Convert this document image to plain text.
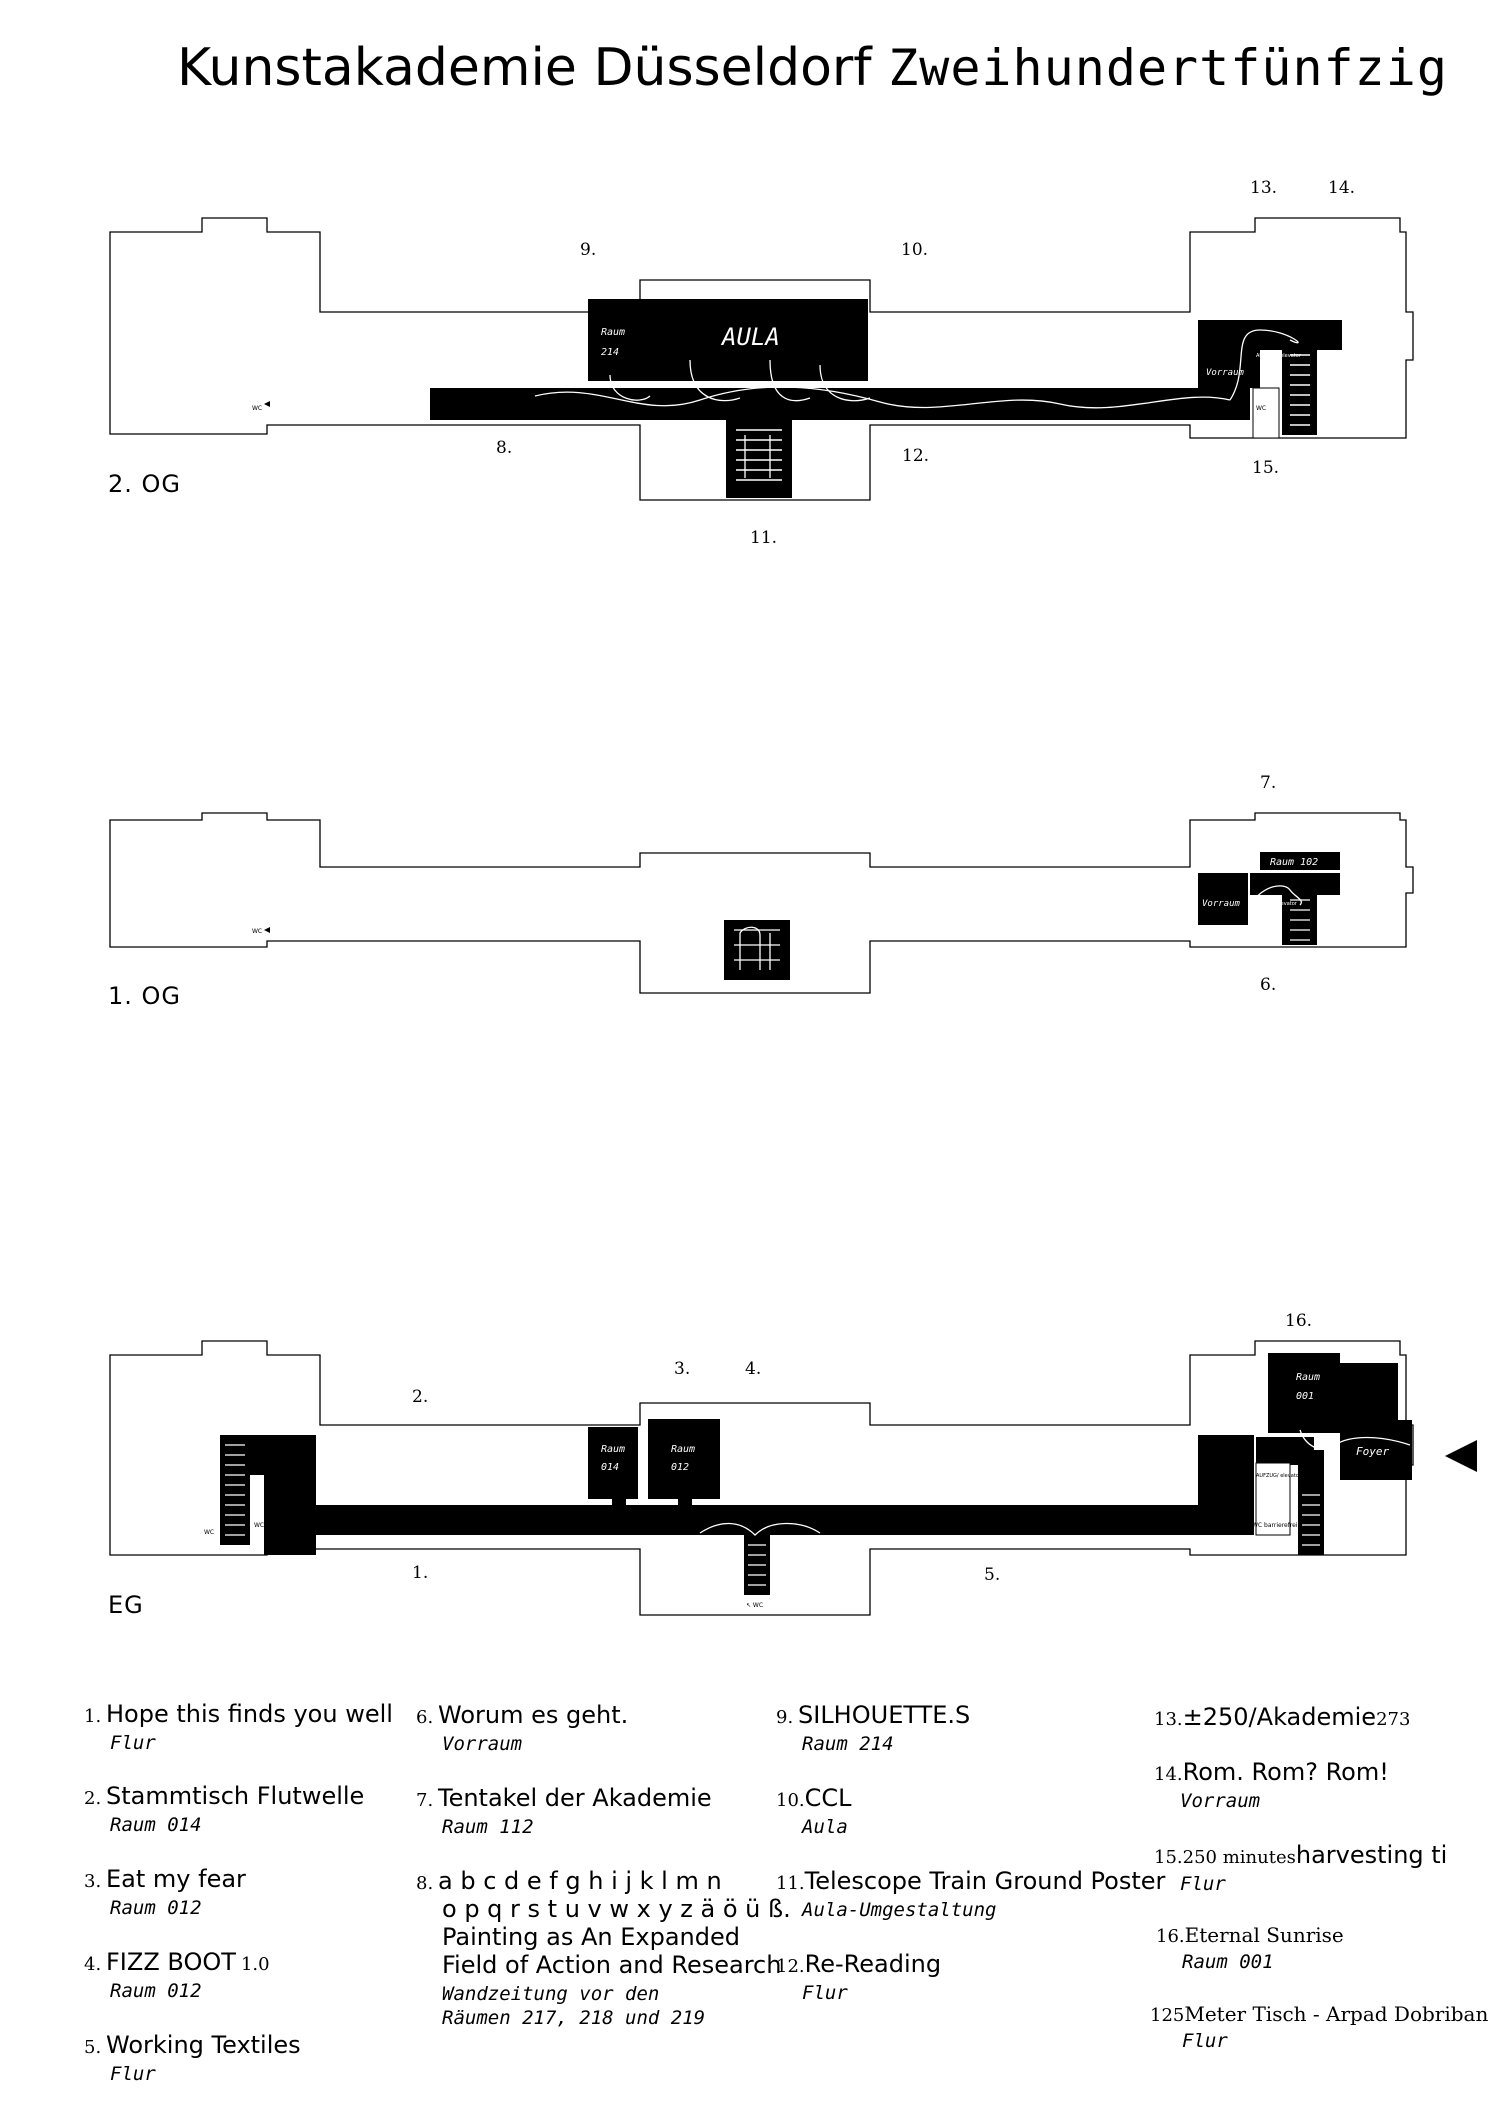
Kunstakademie Düsseldorf Zweihundertfünfzig
Raum
214
AULA
Vorraum
AUFZUG/ elevator
WC
WC
9.	10.
13.	14.
8.	12.
15.
11.
2. OG
Raum 102
Vorraum AUFZUG/ elevator
WC
WC
7.
6.
1. OG
Raum
014
Raum
012
Raum
001
Foyer
AUFZUG/ elevator
WC barrierefrei
WC
WC
↖ WC
2.
3.	4.
16.
1.	5.
EG
1. Hope this finds you well
Flur
2. Stammtisch Flutwelle
Raum 014
3. Eat my fear
Raum 012
4. FIZZ BOOT 1.0
Raum 012
5. Working Textiles
Flur
6. Worum es geht.
Vorraum
7. Tentakel der Akademie
Raum 112
8. a b c d e f g h i j k l m n
o p q r s t u v w x y z ä ö ü ß.
Painting as An Expanded
Field of Action and Research
Wandzeitung vor den
Räumen 217, 218 und 219
9. SILHOUETTE.S
Raum 214
10.CCL
Aula
11.Telescope Train Ground Poster
Aula-Umgestaltung
12.Re-Reading
Flur
13.±250/Akademie273
14.Rom. Rom? Rom!
Vorraum
15.250 minutesharvesting ti
Flur
16.Eternal Sunrise
Raum 001
125Meter Tisch - Arpad Dobriban
Flur
